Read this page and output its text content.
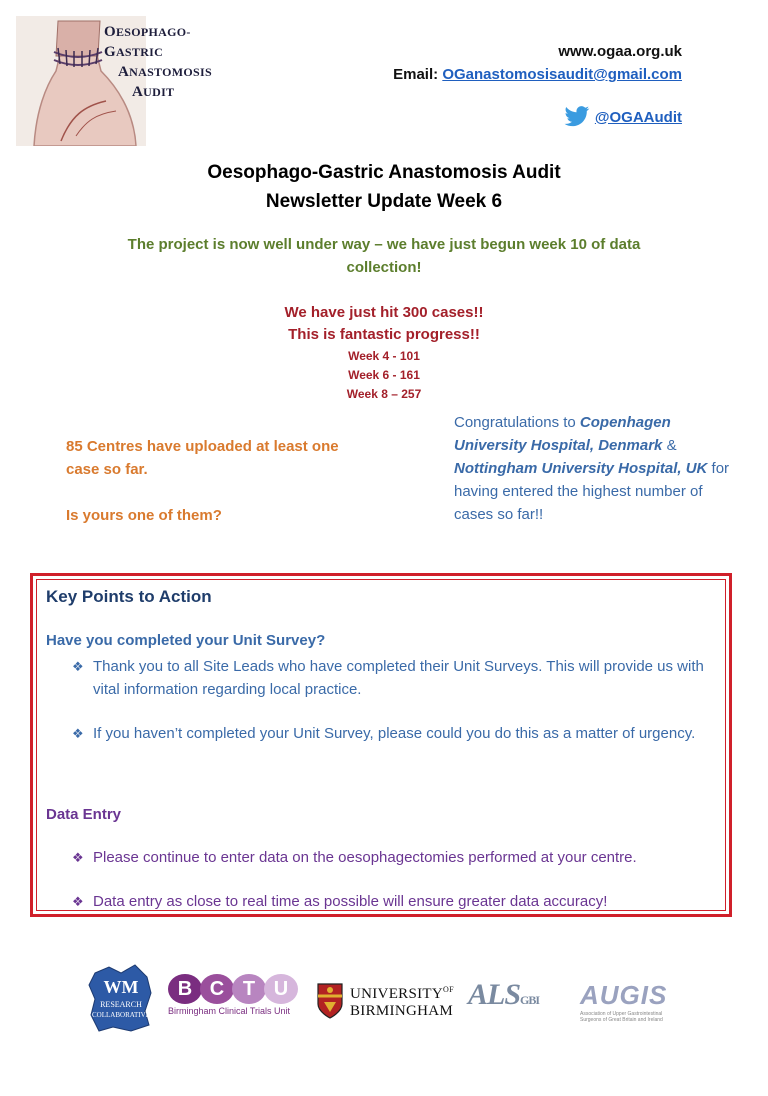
OESOPHAGO-
GASTRIC
ANASTOMOSIS
AUDIT
www.ogaa.org.uk
Email: OGanastomosisaudit@gmail.com
@OGAAudit
Oesophago-Gastric Anastomosis Audit
Newsletter Update Week 6
The project is now well under way – we have just begun week 10 of data collection!
We have just hit 300 cases!!
This is fantastic progress!!
Week 4 - 101
Week 6 - 161
Week 8 – 257
85 Centres have uploaded at least one case so far.
Is yours one of them?
Congratulations to Copenhagen University Hospital, Denmark & Nottingham University Hospital, UK for having entered the highest number of cases so far!!
Key Points to Action
Have you completed your Unit Survey?
❖ Thank you to all Site Leads who have completed their Unit Surveys. This will provide us with vital information regarding local practice.
❖ If you haven’t completed your Unit Survey, please could you do this as a matter of urgency.
Data Entry
❖ Please continue to enter data on the oesophagectomies performed at your centre.
❖ Data entry as close to real time as possible will ensure greater data accuracy!
WM
RESEARCH
COLLABORATIVE
B C T U
Birmingham Clinical Trials Unit
$UNIVERSITY^{OF}$
BIRMINGHAM ALSGBI AUGIS
Association of Upper Gastrointestinal Surgeons of Great Britain and Ireland
